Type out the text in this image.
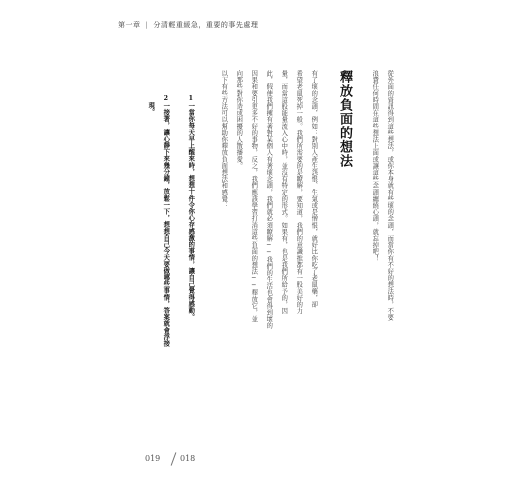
第一章 | 分清輕重緩急，重要的事先處理
從外面的資訊得到這些想法，或你本身就有些壞的念頭，而當你有不好的想法時，不要
浪費任何時間在這些想法上面或讓這些念頭纏繞心頭，就忘掉吧！
釋放負面的想法
有了壞的念頭，例如：對別人產生怨恨、生氣或是憎恨，就好比你吃了老鼠藥，卻
希望老鼠死掉一般。我們所需要的是瞭解，要知道，我們的意識推都有一股美好的力
量，而當這股能量流入心中時，並沒有特定的形式。如果有，也是我們所給予的，因
此，假使我們擁有著對某個人有著壞念頭，我們就必須瞭解──我們的生活也會得到壞的
因果和要引更多不好的事物，反之，我們應該學習打消這些負面的想法──釋放它，並
向那些對你造成困擾的人散播愛。
以下有些方法可以幫助你釋放負面想法和感覺：
1一當你每天早上醒來時，想想十件令你心存感激的事情，讓自己覺得感動。
2一接著，讓心靜下來幾分鐘，放鬆一下，想想自己今天要做哪些事情，答案就會浮接
現。
019 018
